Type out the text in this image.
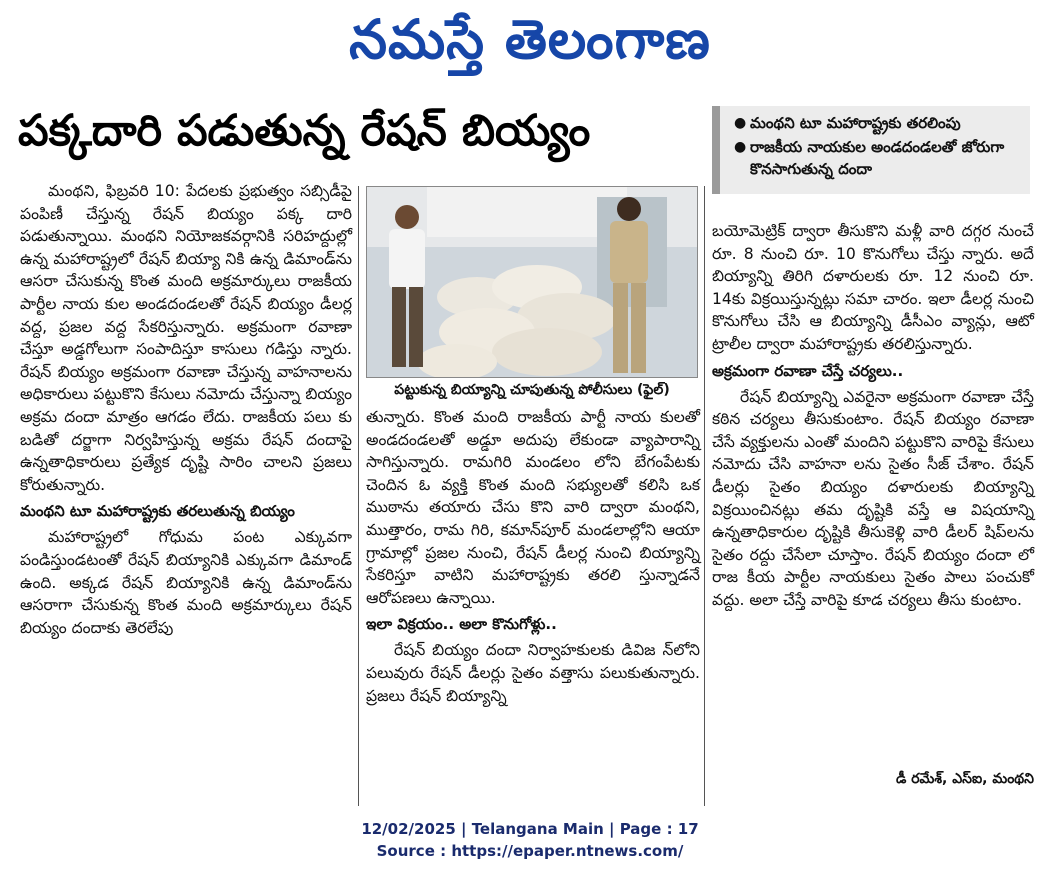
నమస్తే తెలంగాణ
పక్కదారి పడుతున్న రేషన్ బియ్యం	● మంథని టూ మహారాష్ట్రకు తరలింపు
● రాజకీయ నాయకుల అండదండలతో జోరుగా కొనసాగుతున్న దందా

మంథని, ఫిబ్రవరి 10: పేదలకు ప్రభుత్వం సబ్సిడీపై పంపిణీ చేస్తున్న రేషన్ బియ్యం పక్క దారి పడుతున్నాయి. మంథని నియోజకవర్గానికి సరిహద్దుల్లో ఉన్న మహారాష్ట్రలో రేషన్ బియ్యా నికి ఉన్న డిమాండ్‌ను ఆసరా చేసుకున్న కొంత మంది అక్రమార్కులు రాజకీయ పార్టీల నాయ కుల అండదండలతో రేషన్ బియ్యం డీలర్ల వద్ద, ప్రజల వద్ద సేకరిస్తున్నారు. అక్రమంగా రవాణా చేస్తూ అడ్డగోలుగా సంపాదిస్తూ కాసులు గడిస్తు న్నారు. రేషన్ బియ్యం అక్రమంగా రవాణా చేస్తున్న వాహనాలను అధికారులు పట్టుకొని కేసులు నమోదు చేస్తున్నా బియ్యం అక్రమ దందా మాత్రం ఆగడం లేదు. రాజకీయ పలు కు బడితో దర్జాగా నిర్వహిస్తున్న అక్రమ రేషన్ దందాపై ఉన్నతాధికారులు ప్రత్యేక దృష్టి సారిం చాలని ప్రజలు కోరుతున్నారు.

మంథని టూ మహారాష్ట్రకు తరలుతున్న బియ్యం

మహారాష్ట్రలో గోధుమ పంట ఎక్కువగా పండిస్తుండటంతో రేషన్ బియ్యానికి ఎక్కువగా డిమాండ్ ఉంది. అక్కడ రేషన్ బియ్యానికి ఉన్న డిమాండ్‌ను ఆసరాగా చేసుకున్న కొంత మంది అక్రమార్కులు రేషన్ బియ్యం దందాకు తెరలేపు

పట్టుకున్న బియ్యాన్ని చూపుతున్న పోలీసులు (ఫైల్)

తున్నారు. కొంత మంది రాజకీయ పార్టీ నాయ కులతో అండదండలతో అడ్డూ అదుపు లేకుండా వ్యాపారాన్ని సాగిస్తున్నారు. రామగిరి మండలం లోని బేగంపేటకు చెందిన ఓ వ్యక్తి కొంత మంది సభ్యులతో కలిసి ఒక ముఠాను తయారు చేసు కొని వారి ద్వారా మంథని, ముత్తారం, రామ గిరి, కమాన్‌పూర్ మండలాల్లోని ఆయా గ్రామాల్లో ప్రజల నుంచి, రేషన్ డీలర్ల నుంచి బియ్యాన్ని సేకరిస్తూ వాటిని మహారాష్ట్రకు తరలి స్తున్నాడనే ఆరోపణలు ఉన్నాయి.

ఇలా విక్రయం.. అలా కొనుగోళ్లు..

రేషన్ బియ్యం దందా నిర్వాహకులకు డివిజ న్‌లోని పలువురు రేషన్ డీలర్లు సైతం వత్తాసు పలుకుతున్నారు. ప్రజలు రేషన్ బియ్యాన్ని

బయోమెట్రిక్ ద్వారా తీసుకొని మళ్లీ వారి దగ్గర నుంచే రూ. 8 నుంచి రూ. 10 కొనుగోలు చేస్తు న్నారు. అదే బియ్యాన్ని తిరిగి దళారులకు రూ. 12 నుంచి రూ. 14కు విక్రయిస్తున్నట్లు సమా చారం. ఇలా డీలర్ల నుంచి కొనుగోలు చేసి ఆ బియ్యాన్ని డీసీఎం వ్యాన్లు, ఆటో ట్రాలీల ద్వారా మహారాష్ట్రకు తరలిస్తున్నారు.

అక్రమంగా రవాణా చేస్తే చర్యలు..

రేషన్ బియ్యాన్ని ఎవరైనా అక్రమంగా రవాణా చేస్తే కఠిన చర్యలు తీసుకుంటాం. రేషన్ బియ్యం రవాణా చేసే వ్యక్తులను ఎంతో మందిని పట్టుకొని వారిపై కేసులు నమోదు చేసి వాహనా లను సైతం సీజ్ చేశాం. రేషన్ డీలర్లు సైతం బియ్యం దళారులకు బియ్యాన్ని విక్రయించినట్లు తమ దృష్టికి వస్తే ఆ విషయాన్ని ఉన్నతాధికారుల దృష్టికి తీసుకెళ్లి వారి డీలర్ షిప్‌లను సైతం రద్దు చేసేలా చూస్తాం. రేషన్ బియ్యం దందా లో రాజ కీయ పార్టీల నాయకులు సైతం పాలు పంచుకో వద్దు. అలా చేస్తే వారిపై కూడ చర్యలు తీసు కుంటాం.

డీ రమేశ్, ఎస్ఐ, మంథని
12/02/2025 | Telangana Main | Page : 17
Source : https://epaper.ntnews.com/
